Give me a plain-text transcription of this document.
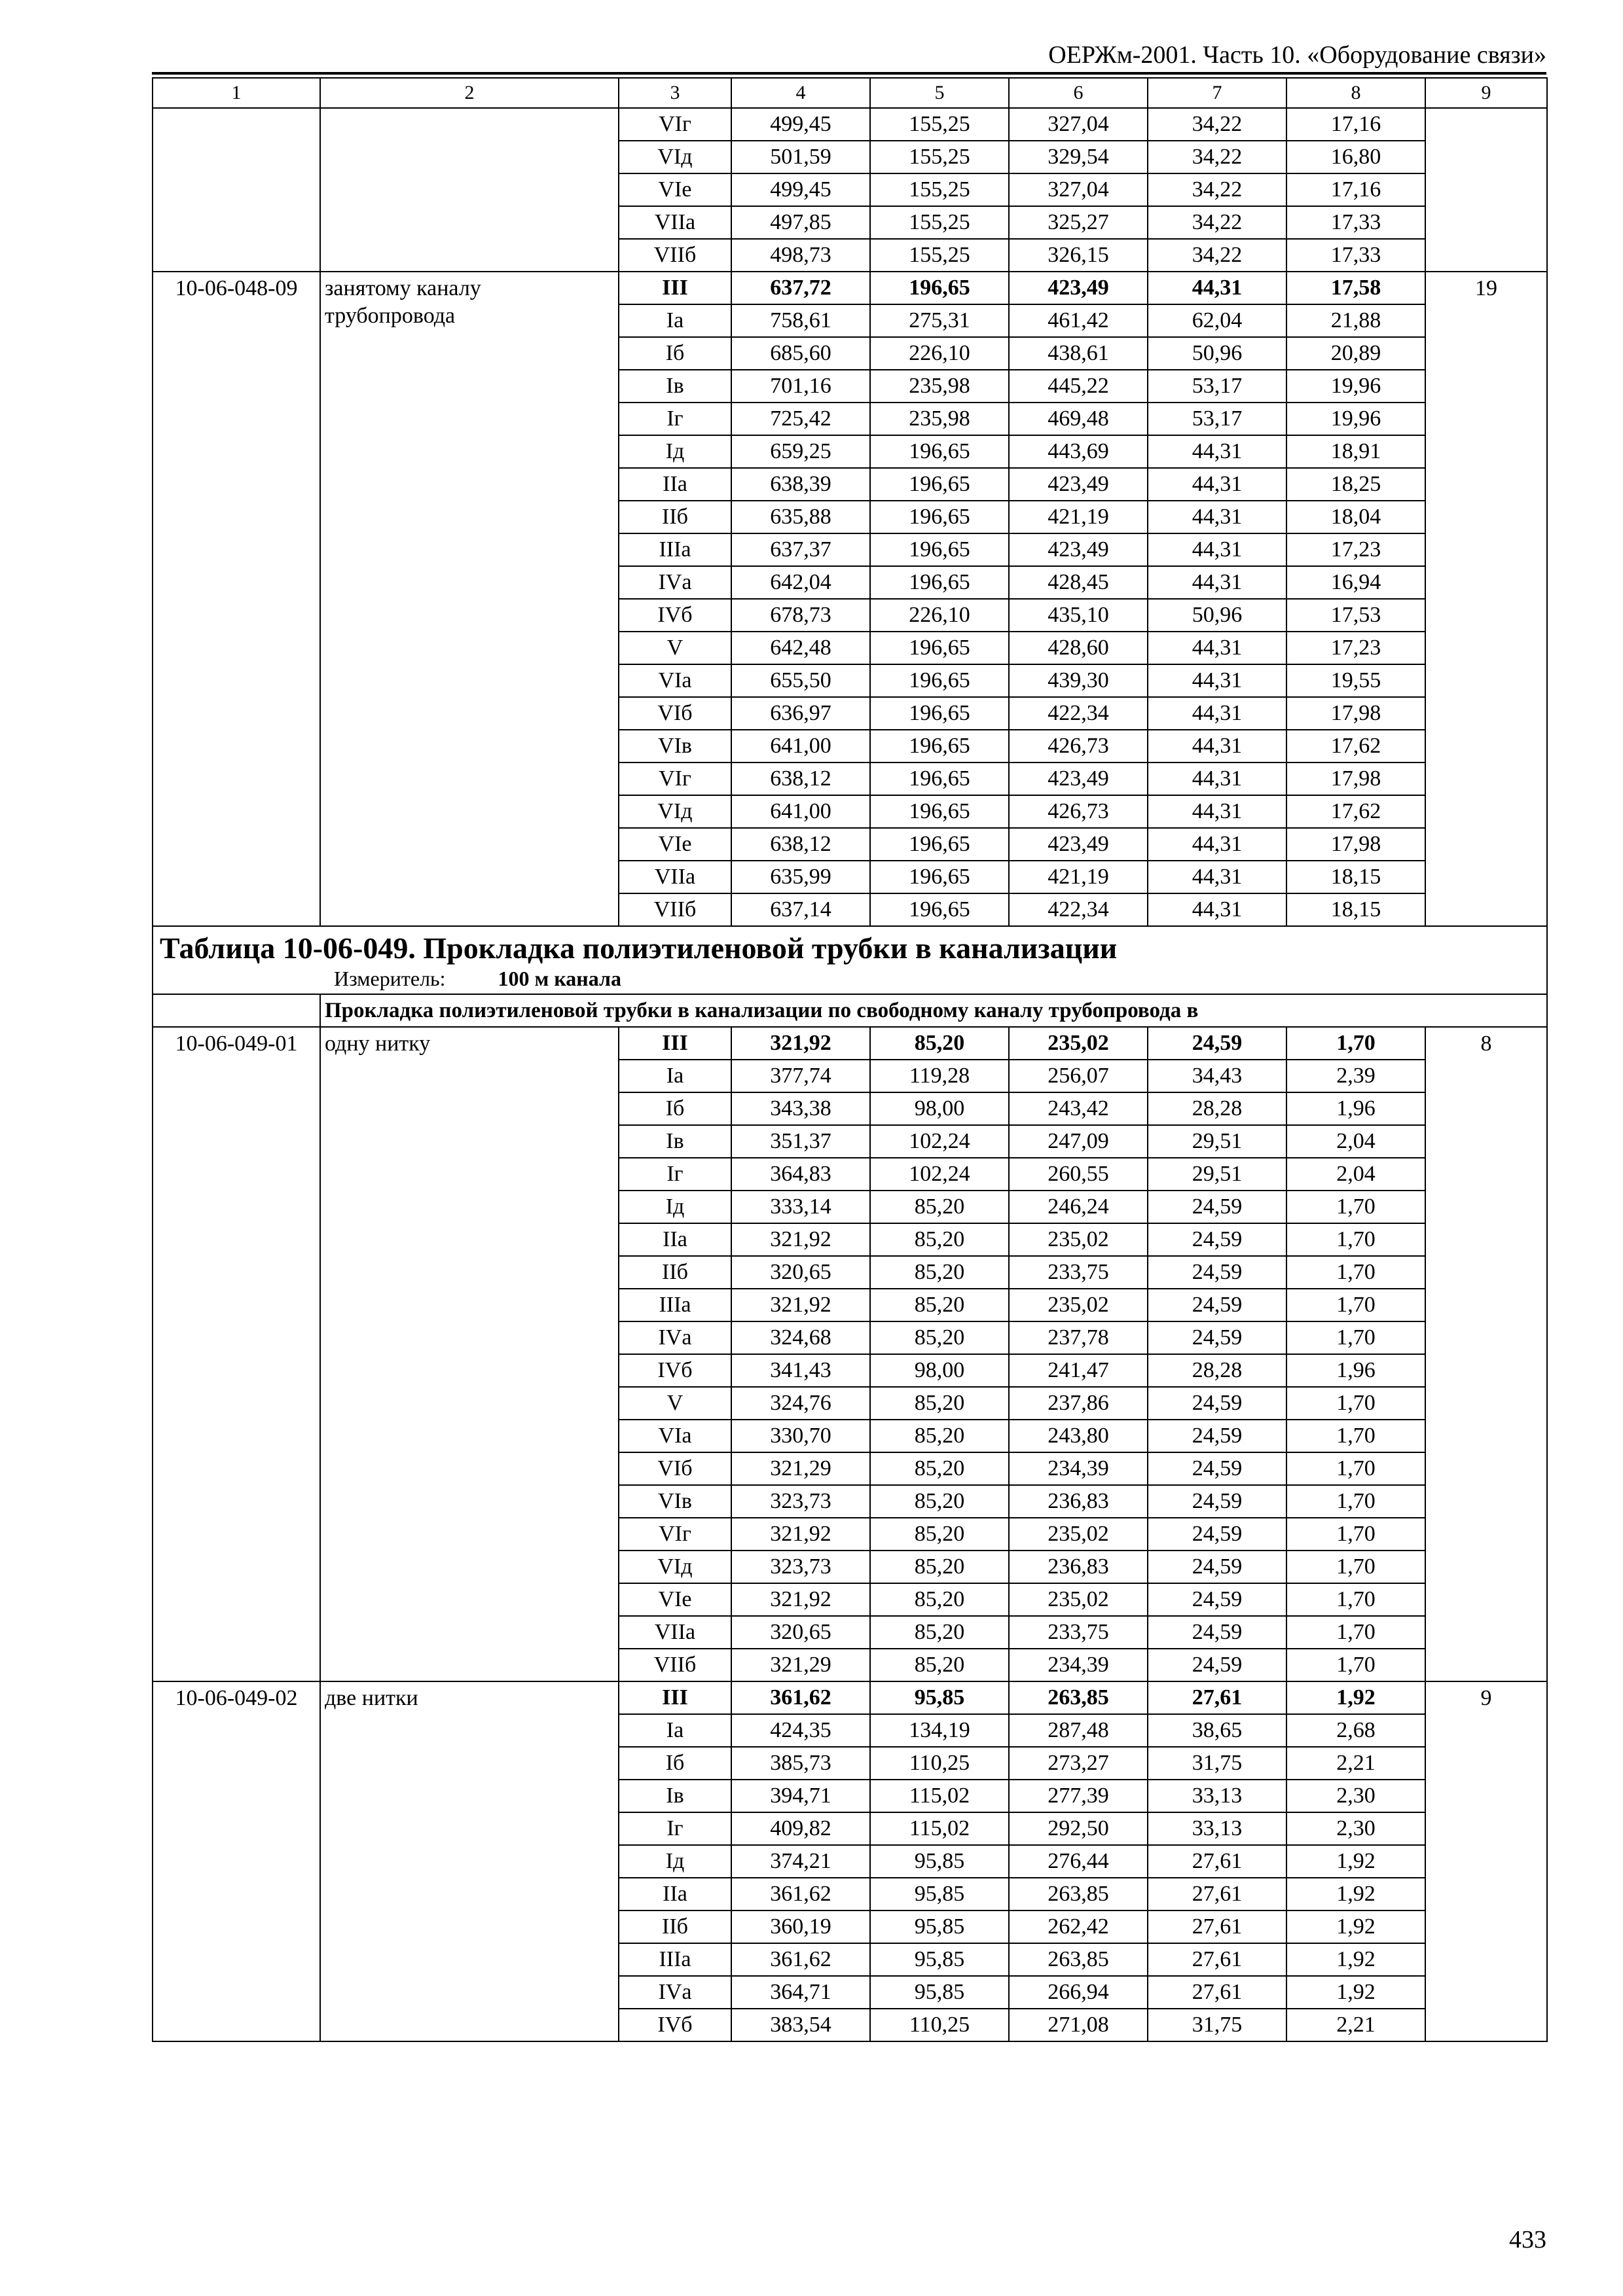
ОЕРЖм-2001. Часть 10. «Оборудование связи»
1	2	3	4	5	6	7	8	9
		VIг	499,45	155,25	327,04	34,22	17,16	
		VIд	501,59	155,25	329,54	34,22	16,80	
		VIe	499,45	155,25	327,04	34,22	17,16	
		VIIа	497,85	155,25	325,27	34,22	17,33	
		VIIб	498,73	155,25	326,15	34,22	17,33	
10-06-048-09	занятому каналу трубопровода	III	637,72	196,65	423,49	44,31	17,58	19
		Iа	758,61	275,31	461,42	62,04	21,88	
		Iб	685,60	226,10	438,61	50,96	20,89	
		Iв	701,16	235,98	445,22	53,17	19,96	
		Iг	725,42	235,98	469,48	53,17	19,96	
		Iд	659,25	196,65	443,69	44,31	18,91	
		IIа	638,39	196,65	423,49	44,31	18,25	
		IIб	635,88	196,65	421,19	44,31	18,04	
		IIIа	637,37	196,65	423,49	44,31	17,23	
		IVа	642,04	196,65	428,45	44,31	16,94	
		IVб	678,73	226,10	435,10	50,96	17,53	
		V	642,48	196,65	428,60	44,31	17,23	
		VIа	655,50	196,65	439,30	44,31	19,55	
		VIб	636,97	196,65	422,34	44,31	17,98	
		VIв	641,00	196,65	426,73	44,31	17,62	
		VIг	638,12	196,65	423,49	44,31	17,98	
		VIд	641,00	196,65	426,73	44,31	17,62	
		VIe	638,12	196,65	423,49	44,31	17,98	
		VIIа	635,99	196,65	421,19	44,31	18,15	
		VIIб	637,14	196,65	422,34	44,31	18,15	

Таблица 10-06-049. Прокладка полиэтиленовой трубки в канализации
Измеритель: 100 м канала								

	Прокладка полиэтиленовой трубки в канализации по свободному каналу трубопровода в							
10-06-049-01	одну нитку	III	321,92	85,20	235,02	24,59	1,70	8
		Iа	377,74	119,28	256,07	34,43	2,39	
		Iб	343,38	98,00	243,42	28,28	1,96	
		Iв	351,37	102,24	247,09	29,51	2,04	
		Iг	364,83	102,24	260,55	29,51	2,04	
		Iд	333,14	85,20	246,24	24,59	1,70	
		IIа	321,92	85,20	235,02	24,59	1,70	
		IIб	320,65	85,20	233,75	24,59	1,70	
		IIIа	321,92	85,20	235,02	24,59	1,70	
		IVа	324,68	85,20	237,78	24,59	1,70	
		IVб	341,43	98,00	241,47	28,28	1,96	
		V	324,76	85,20	237,86	24,59	1,70	
		VIа	330,70	85,20	243,80	24,59	1,70	
		VIб	321,29	85,20	234,39	24,59	1,70	
		VIв	323,73	85,20	236,83	24,59	1,70	
		VIг	321,92	85,20	235,02	24,59	1,70	
		VIд	323,73	85,20	236,83	24,59	1,70	
		VIe	321,92	85,20	235,02	24,59	1,70	
		VIIа	320,65	85,20	233,75	24,59	1,70	
		VIIб	321,29	85,20	234,39	24,59	1,70	
10-06-049-02	две нитки	III	361,62	95,85	263,85	27,61	1,92	9
		Iа	424,35	134,19	287,48	38,65	2,68	
		Iб	385,73	110,25	273,27	31,75	2,21	
		Iв	394,71	115,02	277,39	33,13	2,30	
		Iг	409,82	115,02	292,50	33,13	2,30	
		Iд	374,21	95,85	276,44	27,61	1,92	
		IIа	361,62	95,85	263,85	27,61	1,92	
		IIб	360,19	95,85	262,42	27,61	1,92	
		IIIа	361,62	95,85	263,85	27,61	1,92	
		IVа	364,71	95,85	266,94	27,61	1,92	
		IVб	383,54	110,25	271,08	31,75	2,21	
433
